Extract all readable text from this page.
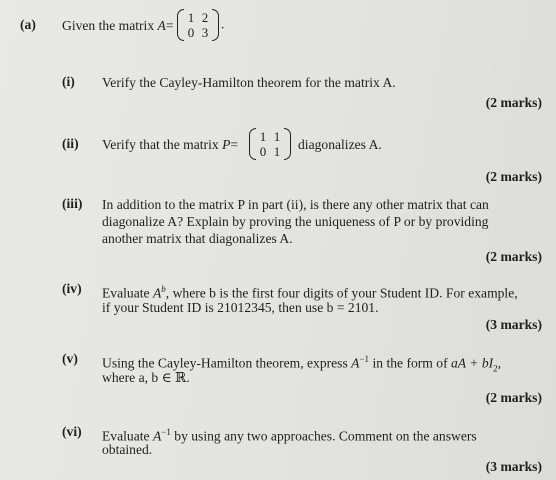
(a) Given the matrix A=
1 2
0 3
.
(i) Verify the Cayley-Hamilton theorem for the matrix A.
(2 marks)
(ii) Verify that the matrix P=
1 1
0 1 diagonalizes A.
(2 marks)
(iii) In addition to the matrix P in part (ii), is there any other matrix that can
diagonalize A? Explain by proving the uniqueness of P or by providing
another matrix that diagonalizes A.
(2 marks)
(iv) Evaluate $A^b$, where b is the first four digits of your Student ID. For example,
if your Student ID is 21012345, then use b = 2101.
(3 marks)
(v) Using the Cayley-Hamilton theorem, express $A^{-1}$ in the form of aA + $bI_2$,
where a, b ∈ ℝ.
(2 marks)
(vi) Evaluate $A^{-1}$ by using any two approaches. Comment on the answers
obtained.
(3 marks)
